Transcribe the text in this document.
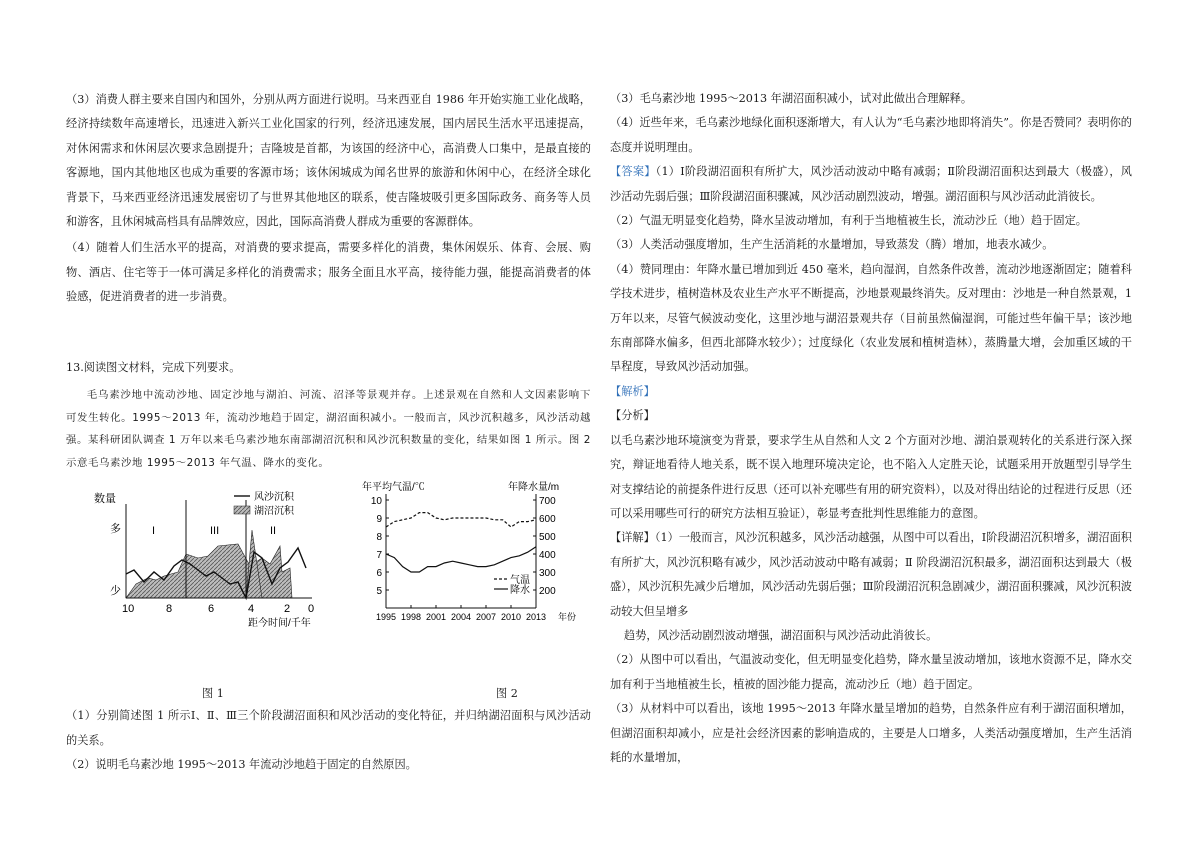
（3）消费人群主要来自国内和国外，分别从两方面进行说明。马来西亚自 1986 年开始实施工业化战略，经济持续数年高速增长，迅速进入新兴工业化国家的行列，经济迅速发展，国内居民生活水平迅速提高，对休闲需求和休闲层次要求急剧提升；吉隆坡是首都，为该国的经济中心，高消费人口集中，是最直接的客源地，国内其他地区也成为重要的客源市场；该休闲城成为闻名世界的旅游和休闲中心，在经济全球化背景下，马来西亚经济迅速发展密切了与世界其他地区的联系，使吉隆坡吸引更多国际政务、商务等人员和游客，且休闲城高档具有品牌效应，因此，国际高消费人群成为重要的客源群体。

（4）随着人们生活水平的提高，对消费的要求提高，需要多样化的消费，集休闲娱乐、体育、会展、购物、酒店、住宅等于一体可满足多样化的消费需求；服务全面且水平高，接待能力强，能提高消费者的体验感，促进消费者的进一步消费。

13.阅读图文材料，完成下列要求。

毛乌素沙地中流动沙地、固定沙地与湖泊、河流、沼泽等景观并存。上述景观在自然和人文因素影响下可发生转化。1995～2013 年，流动沙地趋于固定，湖沼面积减小。一般而言，风沙沉积越多，风沙活动越强。某科研团队调查 1 万年以来毛乌素沙地东南部湖沼沉积和风沙沉积数量的变化，结果如图 1 所示。图 2 示意毛乌素沙地 1995～2013 年气温、降水的变化。

风沙沉积
湖沼沉积
数量
多
少
I	III	II
10	8	6	4	2 0
距今时间/千年
年平均气温/℃	年降水量/m
5
6
7
8
9
10
200
300
400
500
600
700
1995 1998 2001 2004 2007 2010 2013 年份
气温
降水
图 1	图 2

（1）分别简述图 1 所示Ⅰ、Ⅱ、Ⅲ三个阶段湖沼面积和风沙活动的变化特征，并归纳湖沼面积与风沙活动的关系。

（2）说明毛乌素沙地 1995～2013 年流动沙地趋于固定的自然原因。

（3）毛乌素沙地 1995～2013 年湖沼面积减小，试对此做出合理解释。

（4）近些年来，毛乌素沙地绿化面积逐渐增大，有人认为“毛乌素沙地即将消失”。你是否赞同？表明你的态度并说明理由。

【答案】（1）Ⅰ阶段湖沼面积有所扩大，风沙活动波动中略有减弱；Ⅱ阶段湖沼面积达到最大（极盛），风沙活动先弱后强；Ⅲ阶段湖沼面积骤减，风沙活动剧烈波动，增强。湖沼面积与风沙活动此消彼长。

（2）气温无明显变化趋势，降水呈波动增加，有利于当地植被生长，流动沙丘（地）趋于固定。

（3）人类活动强度增加，生产生活消耗的水量增加，导致蒸发（腾）增加，地表水减少。

（4）赞同理由：年降水量已增加到近 450 毫米，趋向湿润，自然条件改善，流动沙地逐渐固定；随着科学技术进步，植树造林及农业生产水平不断提高，沙地景观最终消失。反对理由：沙地是一种自然景观，1 万年以来，尽管气候波动变化，这里沙地与湖沼景观共存（目前虽然偏湿润，可能过些年偏干旱；该沙地东南部降水偏多，但西北部降水较少）；过度绿化（农业发展和植树造林），蒸腾量大增，会加重区域的干旱程度，导致风沙活动加强。

【解析】

【分析】

以毛乌素沙地环境演变为背景，要求学生从自然和人文 2 个方面对沙地、湖泊景观转化的关系进行深入探究，辩证地看待人地关系，既不误入地理环境决定论，也不陷入人定胜天论，试题采用开放题型引导学生对支撑结论的前提条件进行反思（还可以补充哪些有用的研究资料），以及对得出结论的过程进行反思（还可以采用哪些可行的研究方法相互验证），彰显考查批判性思维能力的意图。

【详解】（1）一般而言，风沙沉积越多，风沙活动越强，从图中可以看出，Ⅰ阶段湖沼沉积增多，湖沼面积有所扩大，风沙沉积略有减少，风沙活动波动中略有减弱；Ⅱ 阶段湖沼沉积最多，湖沼面积达到最大（极盛），风沙沉积先减少后增加，风沙活动先弱后强；Ⅲ阶段湖沼沉积急剧减少，湖沼面积骤减，风沙沉积波动较大但呈增多

趋势，风沙活动剧烈波动增强，湖沼面积与风沙活动此消彼长。

（2）从图中可以看出，气温波动变化，但无明显变化趋势，降水量呈波动增加，该地水资源不足，降水交加有利于当地植被生长，植被的固沙能力提高，流动沙丘（地）趋于固定。

（3）从材料中可以看出，该地 1995～2013 年降水量呈增加的趋势，自然条件应有利于湖沼面积增加，但湖沼面积却减小，应是社会经济因素的影响造成的，主要是人口增多，人类活动强度增加，生产生活消耗的水量增加，
